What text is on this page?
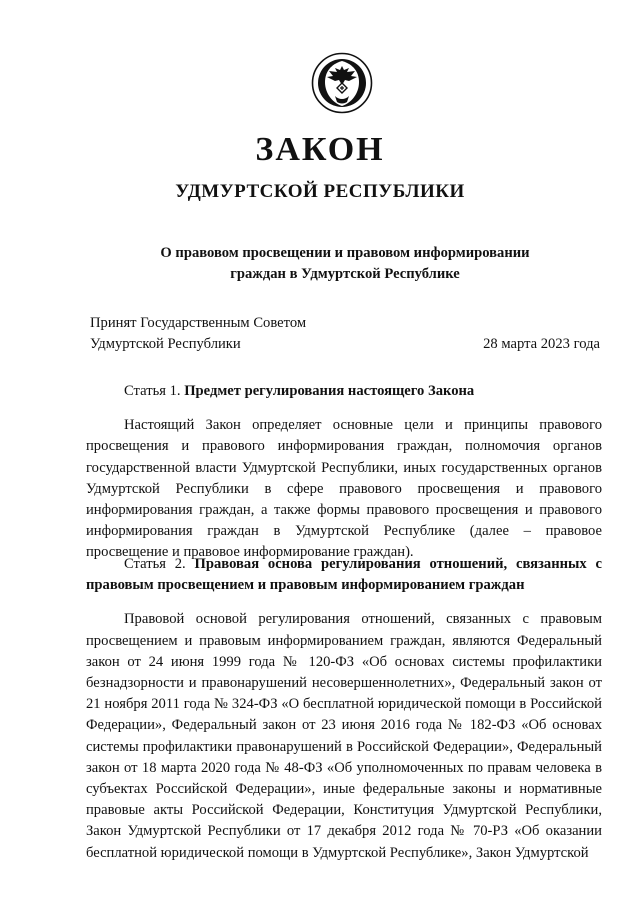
ЗАКОН
УДМУРТСКОЙ РЕСПУБЛИКИ
О правовом просвещении и правовом информировании
граждан в Удмуртской Республике
Принят Государственным Советом
Удмуртской Республики	28 марта 2023 года
Статья 1. Предмет регулирования настоящего Закона
Настоящий Закон определяет основные цели и принципы правового просвещения и правового информирования граждан, полномочия органов государственной власти Удмуртской Республики, иных государственных органов Удмуртской Республики в сфере правового просвещения и правового информирования граждан, а также формы правового просвещения и правового информирования граждан в Удмуртской Республике (далее – правовое просвещение и правовое информирование граждан).
Статья 2. Правовая основа регулирования отношений, связанных с правовым просвещением и правовым информированием граждан
Правовой основой регулирования отношений, связанных с правовым просвещением и правовым информированием граждан, являются Федеральный закон от 24 июня 1999 года № 120-ФЗ «Об основах системы профилактики безнадзорности и правонарушений несовершеннолетних», Федеральный закон от 21 ноября 2011 года № 324-ФЗ «О бесплатной юридической помощи в Российской Федерации», Федеральный закон от 23 июня 2016 года № 182-ФЗ «Об основах системы профилактики правонарушений в Российской Федерации», Федеральный закон от 18 марта 2020 года № 48-ФЗ «Об уполномоченных по правам человека в субъектах Российской Федерации», иные федеральные законы и нормативные правовые акты Российской Федерации, Конституция Удмуртской Республики, Закон Удмуртской Республики от 17 декабря 2012 года № 70-РЗ «Об оказании бесплатной юридической помощи в Удмуртской Республике», Закон Удмуртской
